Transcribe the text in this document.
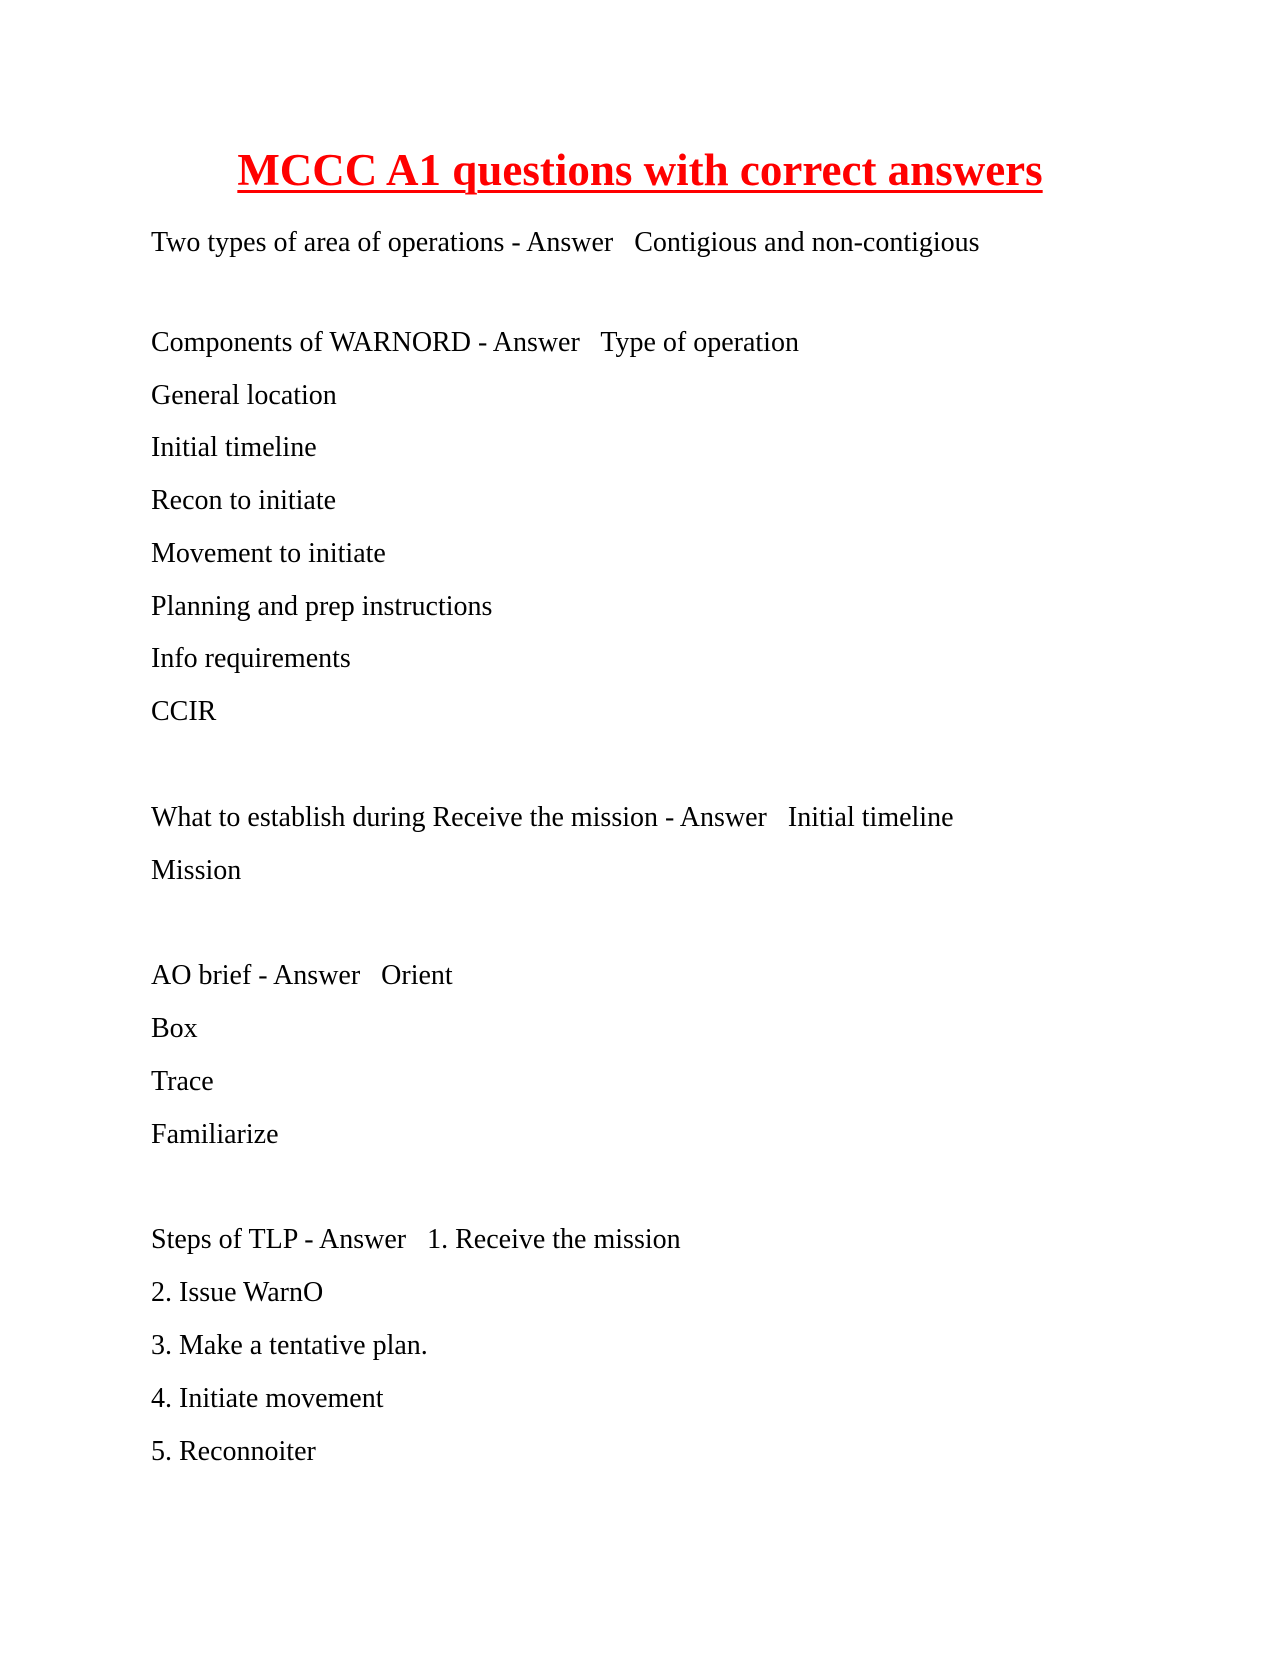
MCCC A1 questions with correct answers
Two types of area of operations - Answer   Contigious and non-contigious
Components of WARNORD - Answer   Type of operation
General location
Initial timeline
Recon to initiate
Movement to initiate
Planning and prep instructions
Info requirements
CCIR
What to establish during Receive the mission - Answer   Initial timeline
Mission
AO brief - Answer   Orient
Box
Trace
Familiarize
Steps of TLP - Answer   1. Receive the mission
2. Issue WarnO
3. Make a tentative plan.
4. Initiate movement
5. Reconnoiter
